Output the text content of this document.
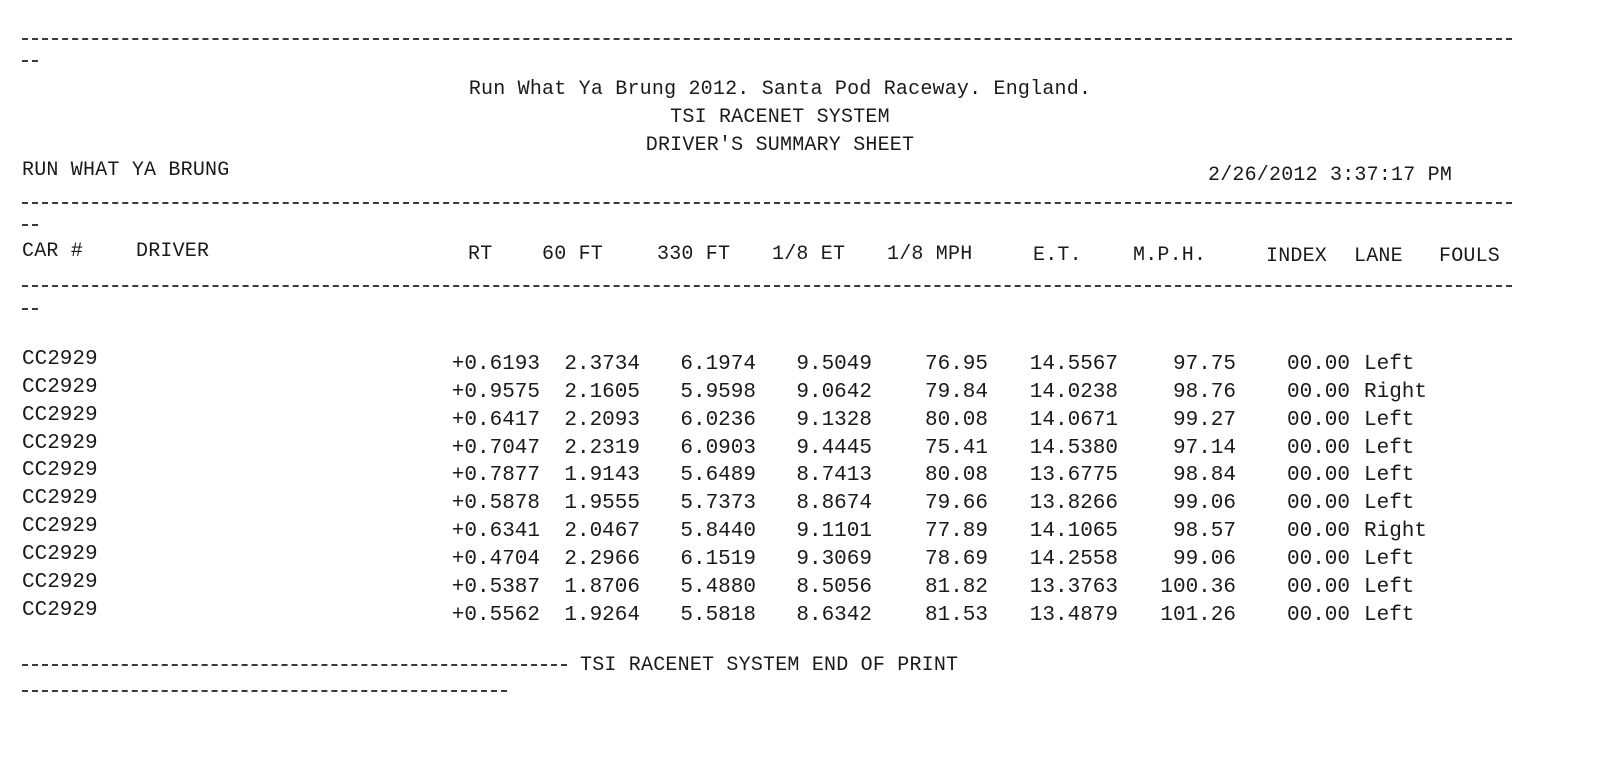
Run What Ya Brung 2012. Santa Pod Raceway. England.
TSI RACENET SYSTEM
DRIVER'S SUMMARY SHEET
RUN WHAT YA BRUNG	2/26/2012 3:37:17 PM
CAR #	DRIVER	RT 60 FT	330 FT 1/8 ET 1/8 MPH	E.T.	M.P.H.	INDEX LANE FOULS
CC2929	+0.6193 2.3734 6.1974 9.5049	76.95 14.5567	97.75 00.00 Left
CC2929	+0.9575 2.1605 5.9598 9.0642	79.84 14.0238	98.76 00.00 Right
CC2929	+0.6417 2.2093 6.0236 9.1328	80.08 14.0671	99.27 00.00 Left
CC2929	+0.7047 2.2319 6.0903 9.4445	75.41 14.5380	97.14 00.00 Left
CC2929	+0.7877 1.9143 5.6489 8.7413	80.08 13.6775	98.84 00.00 Left
CC2929	+0.5878 1.9555 5.7373 8.8674	79.66 13.8266	99.06 00.00 Left
CC2929	+0.6341 2.0467 5.8440 9.1101	77.89 14.1065	98.57 00.00 Right
CC2929	+0.4704 2.2966 6.1519 9.3069	78.69 14.2558	99.06 00.00 Left
CC2929	+0.5387 1.8706 5.4880 8.5056	81.82 13.3763 100.36 00.00 Left
CC2929	+0.5562 1.9264 5.5818 8.6342	81.53 13.4879 101.26 00.00 Left
TSI RACENET SYSTEM END OF PRINT
